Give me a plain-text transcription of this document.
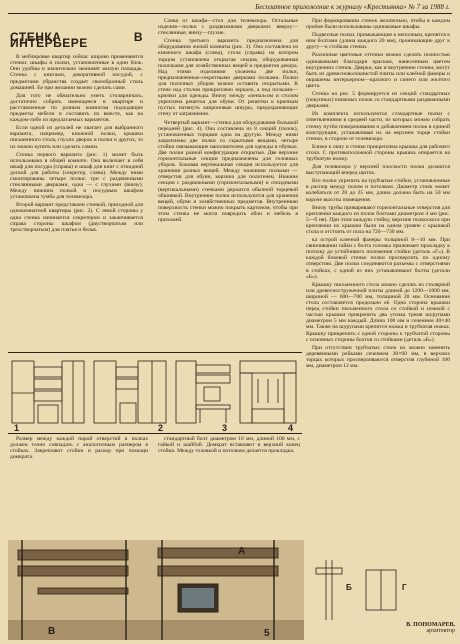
Бесплатное приложение к журналу «Крестьянка» № 7 за 1988 г.
СТЕНКА В ИНТЕРЬЕРЕ

В меблировке квартир сейчас широко применяются стенки: шкафы и полки, установленные в один блок. Они удобны и значительно экономят жилую площадь. Стенка с книгами, декоративной посудой, с предметами убранства создает своеобразный стиль домашней. Ее при желании можно сделать сами.

Для того не обязательно уметь столярничать, достаточно собрать имеющиеся в квартире и расставленные по разным комнатам подходящие предметы мебели и составить их вместе, как на каждом-либо из предлагаемых вариантов.

Если одной из деталей не хватает для выбранного варианта, например, книжной полки, крышки письменного стола, глухих дверок и полки и других, то их можно купить или сделать самим.

Стенка первого варианта (рис. 1) может быть использована в общей комнате. Она включает в себя шкаф для посуды (справа) и шкаф для книг с откидной доской для работы (секретер, слева). Между ними смонтированы четыре полки: три с раздвижными стеклянными дверками, одна — с глухими (внизу). Между нижним полкой и посудным шкафом установлена тумба для телевизора.

Второй вариант представлен стенкой, пригодной для однокомнатной квартиры (рис. 2). С левой стороны у одна стенка начинается секретером и заканчивается справа стороны шкафом (двустворчатым или трехстворчатым) для платья и белья.

Слева от шкафа—стол для телевизора. Остальные изделия—полки с раздвижными дверками: вверху—стеклянные, внизу—глухие.

Стенка третьего варианта предназначена для оборудования жилой комнаты (рис. 3). Она составлена из книжного шкафа (слева), стола (справа) на котором торцом установлена открытая секция, оборудованная полочками для хозяйственных вещей и предметов декора. Над этими изделиями уложены две полки, предназначенные-секретными дверками полками. Полки для полочных уборов можно оставить открытыми. К стене над столом прикреплено зеркало, а под полками—крючки для одежды. Внизу между «пенал»ом и столом укреплена решетка для обуви. От решетки к крючкам пустых натянуть капроновые шнуры, предохраняющие стену от загрязнения.

Четвертый вариант—стенка для оборудования большой передней (рис. 4). Она составлена из 8 секций (полок), установленных торцами одна на другую. Между ними закреплены две полки со скрытыми вещами, четыре стойки связывающие наполнителем для одежды и обувью. Две полки разной конфигурации открытые. Две верхние горизонтальные секции предназначены для головных уборов. Боковая вертикальная секция используется для хранения разных вещей. Между нижними полками — отверстия для обуви, корзина для полотенец. Нижние секции с раздвижными (горизонтальными) и откидными (вертикальными) стенками держатся обычной торцевой обшивкой. Внутренние полки используются для хранения вещей, обуви и хозяйственных предметов. Внутреннюю поверхность стенки можно покрыть картоном, чтобы при этом стенка не могла повредить обои и мебель в прихожей.

При формировании стенок желательно, чтобы в каждом проёме были использованы одинаковые шкафы.

Подвесные полки, примыкающие к неполным, крепятся к ним болтами (длина каждого 20 мм), проникающие друг к другу—к стойкам стенки.

Различные цветовые оттенки можно сделать полностью одинаковыми благодаря краскам, нанесенным цветом внутренних стенок. Дверки, как и внутренние стенки, могут быть из древесноволокнистой плиты или клеёной фанеры и окрашены интерьерном—красного и синего или желтого цвета.

Стенка на рис. 5 формируется из секций стандартных (покупных) книжных полок со стандартными раздвижными дверками.

Из комплекта используются стандартные полки с ответвлениями в средней части, из которых можно собрать стенку путём поворачивания и добавлением полок в единой конструкции, устанавливая их на верхнем торце стойки стенки, в стороне от телевизора.

Ближе к окну и стенке прикреплена крышка для рабочего стола. С противоположной стороны крышка опирается на трубчатую ножку.

Для телевизора у верхней плоскости полки делаются выступающий вперед щиток.

Все полки укрепить на трубчатые стойки, установленные в распор между полом и потолком. Диаметр стоек может колебаться от 20 до 25 мм, длина должна быть на 50 мм короче высоты помещения.

Внизу трубы приваривают горизонтальные отверстия для крепления каждого из полок болтами диаметром 4 мм (рис. 5—б ив). При этом каждую стойку, верхние полкоскоса при креплении их крышки были на одном уровне с крышкой стола и отстоять от пола на 720—730 мм.

ка острой клееной фанеры толщиной 8—10 мм. При свинчивании гайки с болта головка прижимает прокладку к потолку до устойчивого положения стойки (деталь «Г»). В каждой боковой стенке полки просверлить по одному отверстию. Две полки соединяются разъемы с отверстиями в стойках, с одной из них устанавливают болты (детали «Б»).

Крышку письменного стола можно сделать из столярной или древесностружечной плиты длиной до 1200—1600 мм, шириной — 600—700 мм, толщиной 20 мм. Основание стола составляется продольно её. Одна сторона крышки перед стойки письменного стола со стойкой и ножкой с частью крышки прикрепить два уголка тремя шурупами диаметром 5 мм каждый. Длина 100 мм и сечением 40×40 мм. Также на шурупами крепится ножка и трубчатая ножка. Крышку прикрепить с одной стороны к трубчатой стороны с основных стороны болтов со стойками (деталь «Б»).

При отсутствии трубчатых стоек их можно заменить деревянными рейками сечением 30×60 мм, в верхних торцах которых просверливаются отверстия глубиной 100 мм, диаметром 12 мм.

1	2	3	4

Размер между каждой парой отверстий в полках должен точно совпадать с аналогичным размером в стойках. Закрепляют стойки и раскор при помощи домкрата.

стандартный болт диаметром 10 мм, длиной 100 мм, с гайкой и шайбой. Домкрат вставляют в верхний конец стойки. Между головкой и потолком делается прокладка.

5
А
В
Б	Г
В. ПОНОМАРЕВ,
архитектор
